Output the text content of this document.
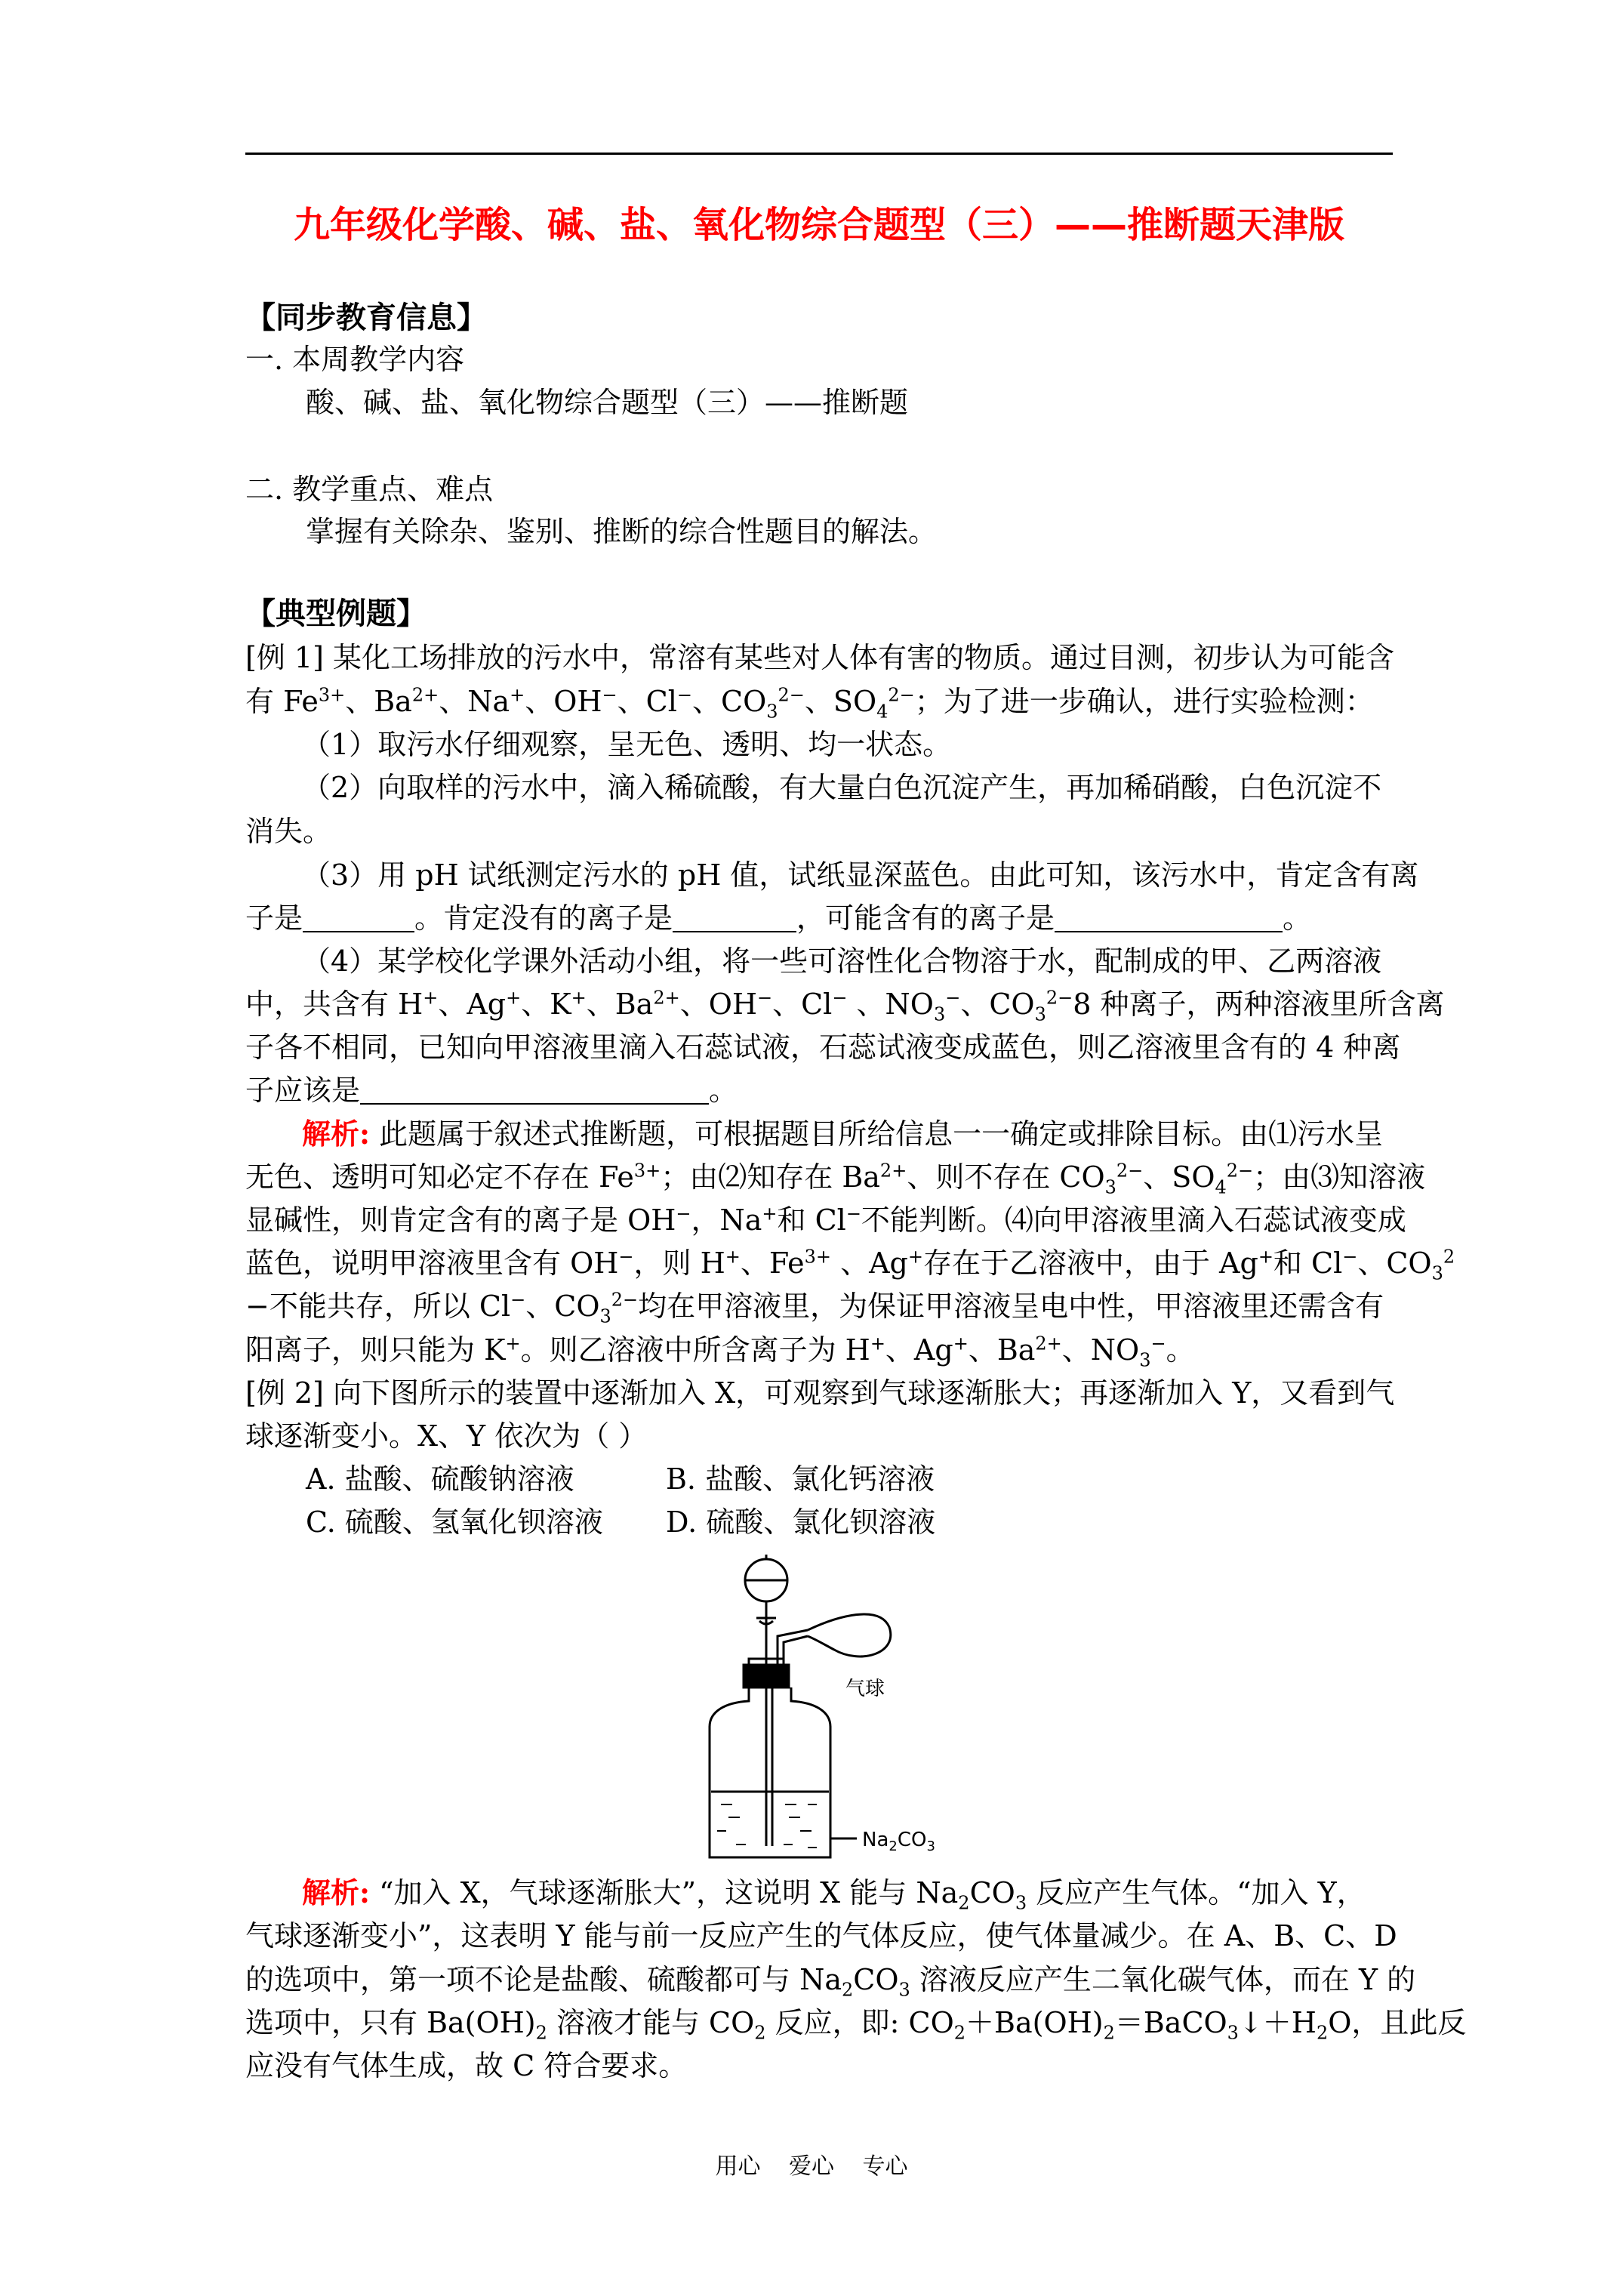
九年级化学酸、碱、盐、氧化物综合题型（三）——推断题天津版
【同步教育信息】
一. 本周教学内容
酸、碱、盐、氧化物综合题型（三）——推断题
二. 教学重点、难点
掌握有关除杂、鉴别、推断的综合性题目的解法。
【典型例题】
[例 1] 某化工场排放的污水中，常溶有某些对人体有害的物质。通过目测，初步认为可能含
有 $Fe^{3+}$、$Ba^{2+}$、Na+、OH−、Cl−、$CO_3^{2-}$、$SO_4^{2-}$；为了进一步确认，进行实验检测：
（1）取污水仔细观察，呈无色、透明、均一状态。
（2）向取样的污水中，滴入稀硫酸，有大量白色沉淀产生，再加稀硝酸，白色沉淀不
消失。
（3）用 pH 试纸测定污水的 pH 值，试纸显深蓝色。由此可知，该污水中，肯定含有离
子是	。肯定没有的离子是	，可能含有的离子是	。
（4）某学校化学课外活动小组，将一些可溶性化合物溶于水，配制成的甲、乙两溶液
中，共含有 H+、Ag+、K+、$Ba^{2+}$、OH−、Cl− 、$NO_3^-$、$CO_3^{2-}8$ 种离子，两种溶液里所含离
子各不相同，已知向甲溶液里滴入石蕊试液，石蕊试液变成蓝色，则乙溶液里含有的 4 种离
子应该是	。
解析: 此题属于叙述式推断题，可根据题目所给信息一一确定或排除目标。由⑴污水呈
无色、透明可知必定不存在 $Fe^{3+}$；由⑵知存在 $Ba^{2+}$、则不存在 $CO_3^{2-}$、$SO_4^{2-}$；由⑶知溶液
显碱性，则肯定含有的离子是 OH−，Na+和 Cl−不能判断。⑷向甲溶液里滴入石蕊试液变成
蓝色，说明甲溶液里含有 OH−，则 H+、$Fe^{3+}$ 、Ag+存在于乙溶液中，由于 Ag+和 Cl−、$CO_3^2$
−不能共存，所以 Cl−、$CO_3^{2-}$均在甲溶液里，为保证甲溶液呈电中性，甲溶液里还需含有
阳离子，则只能为 K+。则乙溶液中所含离子为 H+、Ag+、$Ba^{2+}$、$NO_3^-$。
[例 2] 向下图所示的装置中逐渐加入 X，可观察到气球逐渐胀大；再逐渐加入 Y，又看到气
球逐渐变小。X、Y 依次为（ ）
A. 盐酸、硫酸钠溶液	B. 盐酸、氯化钙溶液
C. 硫酸、氢氧化钡溶液 D. 硫酸、氯化钡溶液
气球
$Na_2CO_3$
解析: “加入 X，气球逐渐胀大”，这说明 X 能与 $Na_2CO_3$ 反应产生气体。“加入 Y，
气球逐渐变小”，这表明 Y 能与前一反应产生的气体反应，使气体量减少。在 A、B、C、D
的选项中，第一项不论是盐酸、硫酸都可与 $Na_2CO_3$ 溶液反应产生二氧化碳气体，而在 Y 的
选项中，只有 $Ba(OH)_2$ 溶液才能与 $CO_2$ 反应，即: $CO_2+Ba(OH)_2=BaCO_3↓+H_2O$，且此反
应没有气体生成，故 C 符合要求。
用心 爱心 专心
